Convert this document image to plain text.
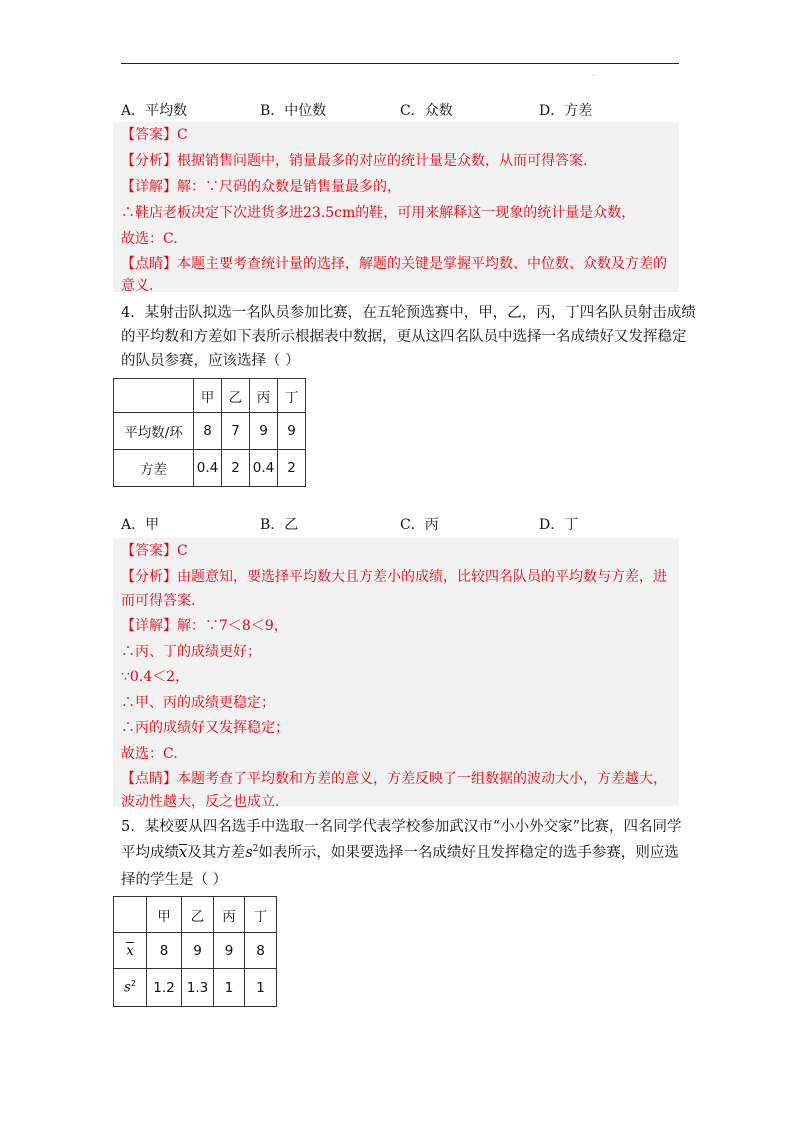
.
A．平均数	B．中位数	C．众数	D．方差
【答案】C
【分析】根据销售问题中，销量最多的对应的统计量是众数，从而可得答案.
【详解】解：∵尺码的众数是销售量最多的，
∴鞋店老板决定下次进货多进23.5cm的鞋，可用来解释这一现象的统计量是众数，
故选：C.
【点睛】本题主要考查统计量的选择，解题的关键是掌握平均数、中位数、众数及方差的
意义.
4．某射击队拟选一名队员参加比赛，在五轮预选赛中，甲，乙，丙，丁四名队员射击成绩
的平均数和方差如下表所示根据表中数据，更从这四名队员中选择一名成绩好又发挥稳定
的队员参赛，应该选择（ ）
	甲	乙	丙	丁
平均数/环	8	7	9	9
方差	0.4	2	0.4	2
A．甲	B．乙	C．丙	D．丁
【答案】C
【分析】由题意知，要选择平均数大且方差小的成绩，比较四名队员的平均数与方差，进
而可得答案.
【详解】解：∵7＜8＜9，
∴丙、丁的成绩更好；
∵0.4＜2，
∴甲、丙的成绩更稳定；
∴丙的成绩好又发挥稳定；
故选：C.
【点睛】本题考查了平均数和方差的意义，方差反映了一组数据的波动大小，方差越大，
波动性越大，反之也成立.
5．某校要从四名选手中选取一名同学代表学校参加武汉市“小小外交家”比赛，四名同学
平均成绩$\overline{x}$及其方差$s^2$如表所示，如果要选择一名成绩好且发挥稳定的选手参赛，则应选
择的学生是（ ）
	甲	乙	丙	丁
$\overline{x}$	8	9	9	8
$s^2$	1.2	1.3	1	1
